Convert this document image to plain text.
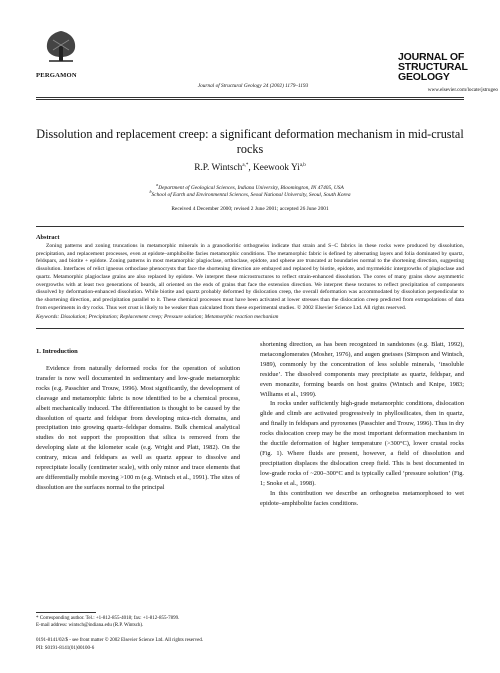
PERGAMON
Journal of Structural Geology 24 (2002) 1179–1193
JOURNAL OF
STRUCTURAL
GEOLOGY
www.elsevier.com/locate/jstrugeo
Dissolution and replacement creep: a significant deformation mechanism in mid-crustal rocks
R.P. Wintsch$^{a,*}$, Keewook Yi$^{a,b}$
$^a$Department of Geological Sciences, Indiana University, Bloomington, IN 47405, USA
$^b$School of Earth and Environmental Sciences, Seoul National University, Seoul, South Korea
Received 4 December 2000; revised 2 June 2001; accepted 26 June 2001
Abstract

Zoning patterns and zoning truncations in metamorphic minerals in a granodioritic orthogneiss indicate that strain and S−C fabrics in these rocks were produced by dissolution, precipitation, and replacement processes, even at epidote–amphibolite facies metamorphic conditions. The metamorphic fabric is defined by alternating layers and folia dominated by quartz, feldspars, and biotite + epidote. Zoning patterns in most metamorphic plagioclase, orthoclase, epidote, and sphene are truncated at boundaries normal to the shortening direction, suggesting dissolution. Interfaces of relict igneous orthoclase phenocrysts that face the shortening direction are embayed and replaced by biotite, epidote, and myrmekitic intergrowths of plagioclase and quartz. Metamorphic plagioclase grains are also replaced by epidote. We interpret these microstructures to reflect strain-enhanced dissolution. The cores of many grains show asymmetric overgrowths with at least two generations of beards, all oriented on the ends of grains that face the extension direction. We interpret these textures to reflect precipitation of components dissolved by deformation-enhanced dissolution. While biotite and quartz probably deformed by dislocation creep, the overall deformation was accommodated by dissolution perpendicular to the shortening direction, and precipitation parallel to it. These chemical processes must have been activated at lower stresses than the dislocation creep predicted from extrapolations of data from experiments in dry rocks. Thus wet crust is likely to be weaker than calculated from these experimental studies. © 2002 Elsevier Science Ltd. All rights reserved.

Keywords: Dissolution; Precipitation; Replacement creep; Pressure solution; Metamorphic reaction mechanism
1. Introduction

Evidence from naturally deformed rocks for the operation of solution transfer is now well documented in sedimentary and low-grade metamorphic rocks (e.g. Passchier and Trouw, 1996). Most significantly, the development of cleavage and metamorphic fabric is now identified to be a chemical process, albeit mechanically induced. The differentiation is thought to be caused by the dissolution of quartz and feldspar from developing mica-rich domains, and precipitation into growing quartz–feldspar domains. Bulk chemical analytical studies do not support the proposition that silica is removed from the developing slate at the kilometer scale (e.g. Wright and Platt, 1982). On the contrary, micas and feldspars as well as quartz appear to dissolve and reprecipitate locally (centimeter scale), with only minor and trace elements that are differentially mobile moving >100 m (e.g. Wintsch et al., 1991). The sites of dissolution are the surfaces normal to the principal

shortening direction, as has been recognized in sandstones (e.g. Blatt, 1992), metaconglomerates (Mosher, 1976), and augen gneisses (Simpson and Wintsch, 1989), commonly by the concentration of less soluble minerals, ‘insoluble residue’. The dissolved components may precipitate as quartz, feldspar, and even monazite, forming beards on host grains (Wintsch and Knipe, 1983; Williams et al., 1999).

In rocks under sufficiently high-grade metamorphic conditions, dislocation glide and climb are activated progressively in phyllosilicates, then in quartz, and finally in feldspars and pyroxenes (Passchier and Trouw, 1996). Thus in dry rocks dislocation creep may be the most important deformation mechanism in the ductile deformation of higher temperature (>300°C), lower crustal rocks (Fig. 1). Where fluids are present, however, a field of dissolution and precipitation displaces the dislocation creep field. This is best documented in low-grade rocks of ~200–300°C and is typically called ‘pressure solution’ (Fig. 1; Snoke et al., 1998).

In this contribution we describe an orthogneiss metamorphosed to wet epidote–amphibolite facies conditions.

* Corresponding author. Tel.: +1-812-855-4018; fax: +1-812-855-7899.
E-mail address: wintsch@indiana.edu (R.P. Wintsch).
0191-8141/02/$ - see front matter © 2002 Elsevier Science Ltd. All rights reserved.
PII: S0191-8141(01)00100-6
